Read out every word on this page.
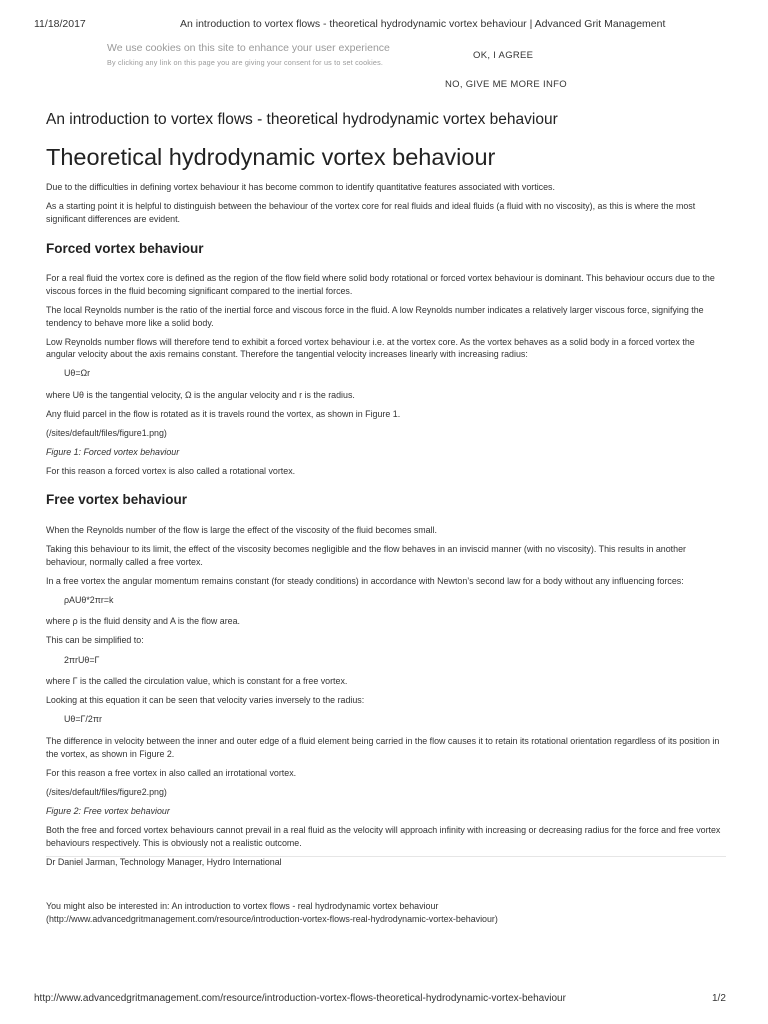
11/18/2017	An introduction to vortex flows - theoretical hydrodynamic vortex behaviour | Advanced Grit Management
We use cookies on this site to enhance your user experience
By clicking any link on this page you are giving your consent for us to set cookies.
OK, I AGREE
NO, GIVE ME MORE INFO
An introduction to vortex flows - theoretical hydrodynamic vortex behaviour
Theoretical hydrodynamic vortex behaviour

Due to the difficulties in defining vortex behaviour it has become common to identify quantitative features associated with vortices.

As a starting point it is helpful to distinguish between the behaviour of the vortex core for real fluids and ideal fluids (a fluid with no viscosity), as this is where the most significant differences are evident.

Forced vortex behaviour

For a real fluid the vortex core is defined as the region of the flow field where solid body rotational or forced vortex behaviour is dominant. This behaviour occurs due to the viscous forces in the fluid becoming significant compared to the inertial forces.

The local Reynolds number is the ratio of the inertial force and viscous force in the fluid. A low Reynolds number indicates a relatively larger viscous force, signifying the tendency to behave more like a solid body.

Low Reynolds number flows will therefore tend to exhibit a forced vortex behaviour i.e. at the vortex core. As the vortex behaves as a solid body in a forced vortex the angular velocity about the axis remains constant. Therefore the tangential velocity increases linearly with increasing radius:

Uθ=Ωr

where Uθ is the tangential velocity, Ω is the angular velocity and r is the radius.

Any fluid parcel in the flow is rotated as it is travels round the vortex, as shown in Figure 1.

(/sites/default/files/figure1.png)

Figure 1: Forced vortex behaviour

For this reason a forced vortex is also called a rotational vortex.

Free vortex behaviour

When the Reynolds number of the flow is large the effect of the viscosity of the fluid becomes small.

Taking this behaviour to its limit, the effect of the viscosity becomes negligible and the flow behaves in an inviscid manner (with no viscosity). This results in another behaviour, normally called a free vortex.

In a free vortex the angular momentum remains constant (for steady conditions) in accordance with Newton’s second law for a body without any influencing forces:

ρAUθ*2πr=k

where ρ is the fluid density and A is the flow area.

This can be simplified to:

2πrUθ=Γ

where Γ is the called the circulation value, which is constant for a free vortex.

Looking at this equation it can be seen that velocity varies inversely to the radius:

Uθ=Γ/2πr

The difference in velocity between the inner and outer edge of a fluid element being carried in the flow causes it to retain its rotational orientation regardless of its position in the vortex, as shown in Figure 2.

For this reason a free vortex in also called an irrotational vortex.

(/sites/default/files/figure2.png)

Figure 2: Free vortex behaviour

Both the free and forced vortex behaviours cannot prevail in a real fluid as the velocity will approach infinity with increasing or decreasing radius for the force and free vortex behaviours respectively. This is obviously not a realistic outcome.

Dr Daniel Jarman, Technology Manager, Hydro International

You might also be interested in: An introduction to vortex flows - real hydrodynamic vortex behaviour
(http://www.advancedgritmanagement.com/resource/introduction-vortex-flows-real-hydrodynamic-vortex-behaviour)
http://www.advancedgritmanagement.com/resource/introduction-vortex-flows-theoretical-hydrodynamic-vortex-behaviour	1/2
